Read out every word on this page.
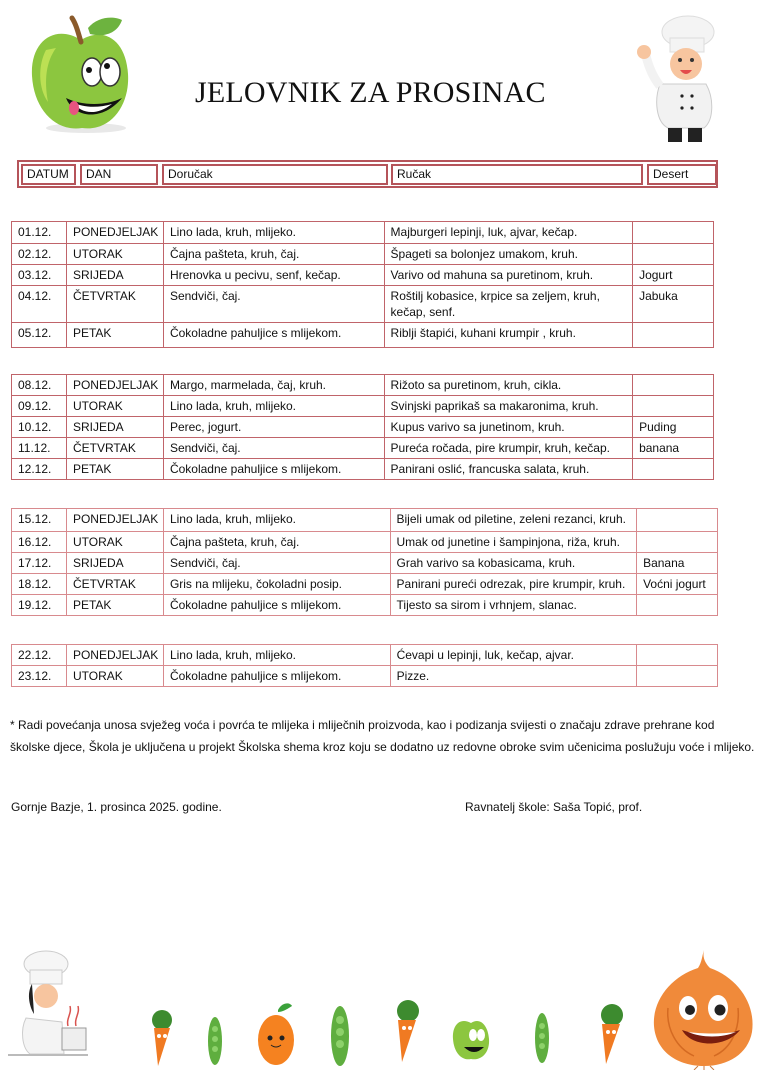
JELOVNIK ZA PROSINAC
DATUM	DAN	Doručak	Ručak	Desert
01.12.	PONEDJELJAK	Lino lada, kruh, mlijeko.	Majburgeri lepinji, luk, ajvar, kečap.	
02.12.	UTORAK	Čajna pašteta, kruh, čaj.	Špageti sa bolonjez umakom, kruh.	
03.12.	SRIJEDA	Hrenovka u pecivu, senf, kečap.	Varivo od mahuna sa puretinom, kruh.	Jogurt
04.12.	ČETVRTAK	Sendviči, čaj.	Roštilj kobasice, krpice sa zeljem, kruh, kečap, senf.	Jabuka
05.12.	PETAK	Čokoladne pahuljice s mlijekom.	Riblji štapići, kuhani krumpir , kruh.	
08.12.	PONEDJELJAK	Margo, marmelada, čaj, kruh.	Rižoto sa puretinom, kruh, cikla.	
09.12.	UTORAK	Lino lada, kruh, mlijeko.	Svinjski paprikaš sa makaronima, kruh.	
10.12.	SRIJEDA	Perec, jogurt.	Kupus varivo sa junetinom, kruh.	Puding
11.12.	ČETVRTAK	Sendviči, čaj.	Pureća ročada, pire krumpir, kruh, kečap.	banana
12.12.	PETAK	Čokoladne pahuljice s mlijekom.	Panirani oslić, francuska salata, kruh.	
15.12.	PONEDJELJAK	Lino lada, kruh, mlijeko.	Bijeli umak od piletine, zeleni rezanci, kruh.	
16.12.	UTORAK	Čajna pašteta, kruh, čaj.	Umak od junetine i šampinjona, riža, kruh.	
17.12.	SRIJEDA	Sendviči, čaj.	Grah varivo sa kobasicama, kruh.	Banana
18.12.	ČETVRTAK	Gris na mlijeku, čokoladni posip.	Panirani pureći odrezak, pire krumpir, kruh.	Voćni jogurt
19.12.	PETAK	Čokoladne pahuljice s mlijekom.	Tijesto sa sirom i vrhnjem, slanac.	
22.12.	PONEDJELJAK	Lino lada, kruh, mlijeko.	Ćevapi u lepinji, luk, kečap, ajvar.	
23.12.	UTORAK	Čokoladne pahuljice s mlijekom.	Pizze.	
* Radi povećanja unosa svježeg voća i povrća te mlijeka i mliječnih proizvoda, kao i podizanja svijesti o značaju zdrave prehrane kod školske djece, Škola je uključena u projekt Školska shema kroz koju se dodatno uz redovne obroke svim učenicima poslužuju voće i mlijeko.
Gornje Bazje, 1. prosinca 2025. godine.	Ravnatelj škole: Saša Topić, prof.
